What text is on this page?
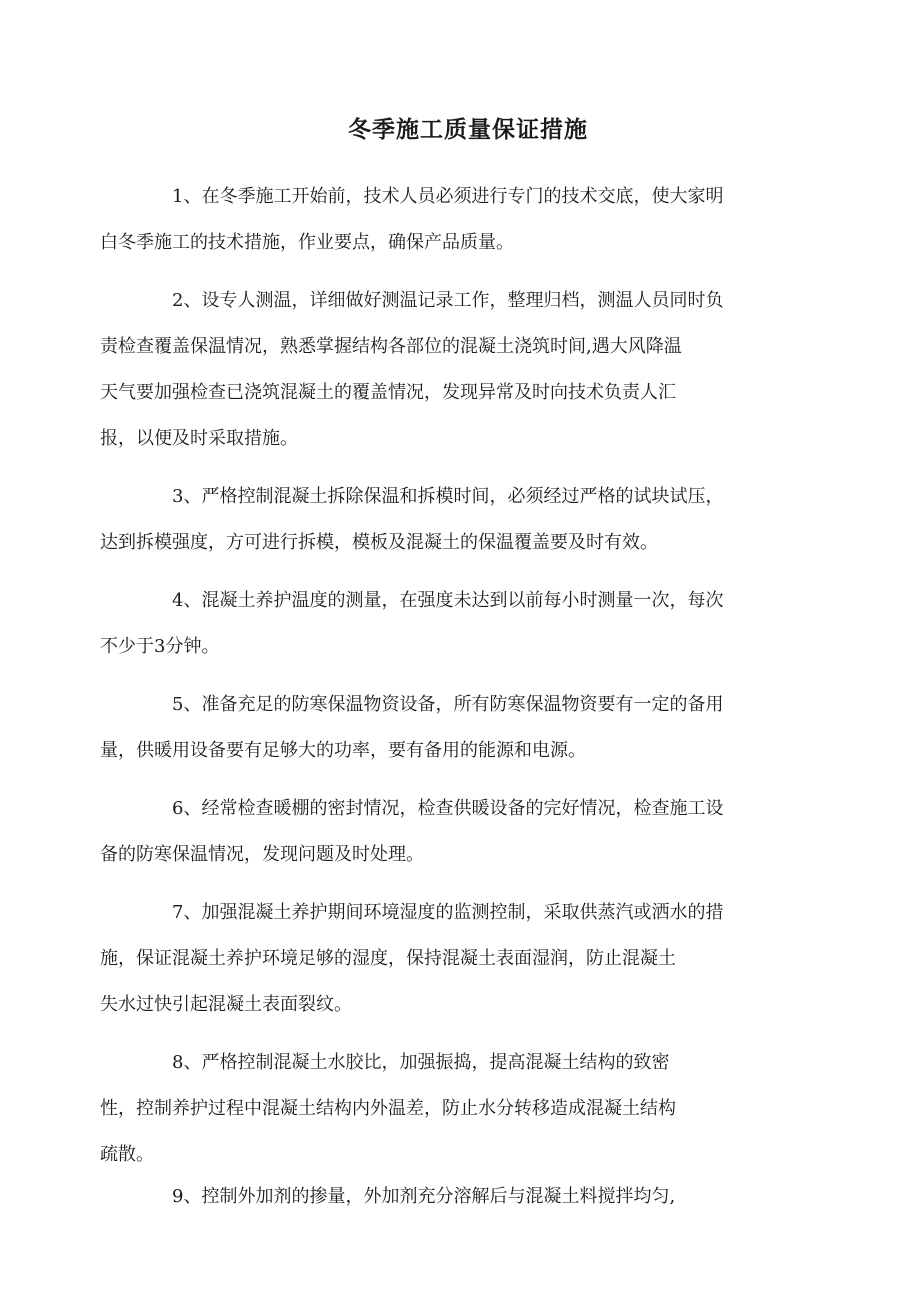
冬季施工质量保证措施

1、在冬季施工开始前，技术人员必须进行专门的技术交底，使大家明
白冬季施工的技术措施，作业要点，确保产品质量。

2、设专人测温，详细做好测温记录工作，整理归档，测温人员同时负
责检查覆盖保温情况，熟悉掌握结构各部位的混凝土浇筑时间,遇大风降温
天气要加强检查已浇筑混凝土的覆盖情况，发现异常及时向技术负责人汇
报，以便及时采取措施。

3、严格控制混凝土拆除保温和拆模时间，必须经过严格的试块试压，
达到拆模强度，方可进行拆模，模板及混凝土的保温覆盖要及时有效。

4、混凝土养护温度的测量，在强度未达到以前每小时测量一次，每次
不少于3分钟。

5、准备充足的防寒保温物资设备，所有防寒保温物资要有一定的备用
量，供暖用设备要有足够大的功率，要有备用的能源和电源。

6、经常检查暖棚的密封情况，检查供暖设备的完好情况，检查施工设
备的防寒保温情况，发现问题及时处理。

7、加强混凝土养护期间环境湿度的监测控制，采取供蒸汽或洒水的措
施，保证混凝土养护环境足够的湿度，保持混凝土表面湿润，防止混凝土
失水过快引起混凝土表面裂纹。

8、严格控制混凝土水胶比，加强振捣，提高混凝土结构的致密
性，控制养护过程中混凝土结构内外温差，防止水分转移造成混凝土结构
疏散。

9、控制外加剂的掺量，外加剂充分溶解后与混凝土料搅拌均匀,
